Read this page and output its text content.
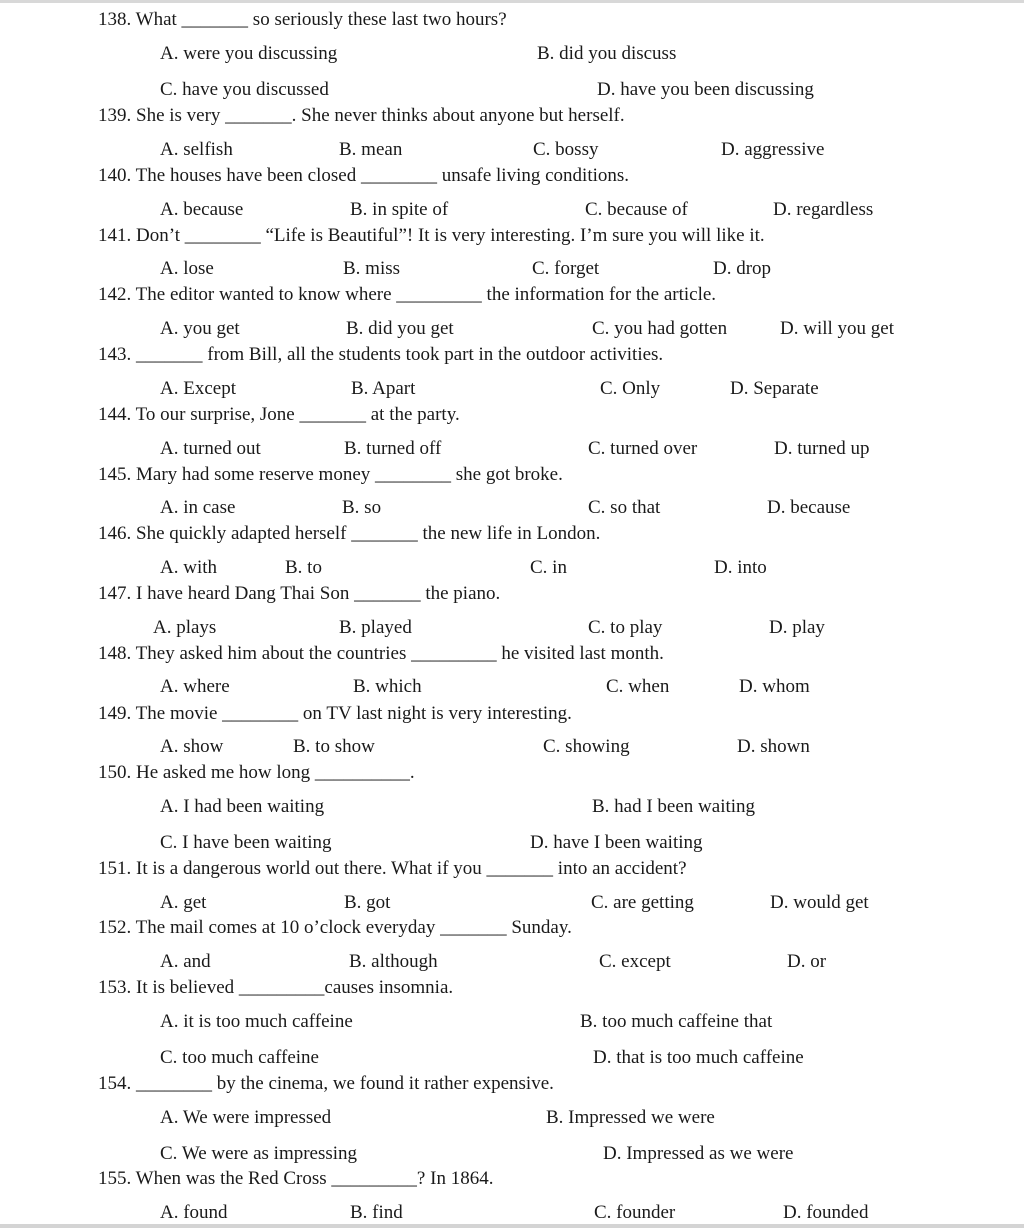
138. What _______ so seriously these last two hours?
A. were you discussing	B. did you discuss
C. have you discussed	D. have you been discussing
139. She is very _______. She never thinks about anyone but herself.
A. selfish	B. mean	C. bossy	D. aggressive
140. The houses have been closed ________ unsafe living conditions.
A. because	B. in spite of	C. because of	D. regardless
141. Don’t ________ “Life is Beautiful”! It is very interesting. I’m sure you will like it.
A. lose	B. miss	C. forget	D. drop
142. The editor wanted to know where _________ the information for the article.
A. you get	B. did you get	C. you had gotten	D. will you get
143. _______ from Bill, all the students took part in the outdoor activities.
A. Except	B. Apart	C. Only	D. Separate
144. To our surprise, Jone _______ at the party.
A. turned out	B. turned off	C. turned over	D. turned up
145. Mary had some reserve money ________ she got broke.
A. in case	B. so	C. so that	D. because
146. She quickly adapted herself _______ the new life in London.
A. with	B. to	C. in	D. into
147. I have heard Dang Thai Son _______ the piano.
A. plays	B. played	C. to play	D. play
148. They asked him about the countries _________ he visited last month.
A. where	B. which	C. when	D. whom
149. The movie ________ on TV last night is very interesting.
A. show	B. to show	C. showing	D. shown
150. He asked me how long __________.
A. I had been waiting	B. had I been waiting
C. I have been waiting	D. have I been waiting
151. It is a dangerous world out there. What if you _______ into an accident?
A. get	B. got	C. are getting	D. would get
152. The mail comes at 10 o’clock everyday _______ Sunday.
A. and	B. although	C. except	D. or
153. It is believed _________causes insomnia.
A. it is too much caffeine	B. too much caffeine that
C. too much caffeine	D. that is too much caffeine
154. ________ by the cinema, we found it rather expensive.
A. We were impressed	B. Impressed we were
C. We were as impressing	D. Impressed as we were
155. When was the Red Cross _________? In 1864.
A. found	B. find	C. founder	D. founded
